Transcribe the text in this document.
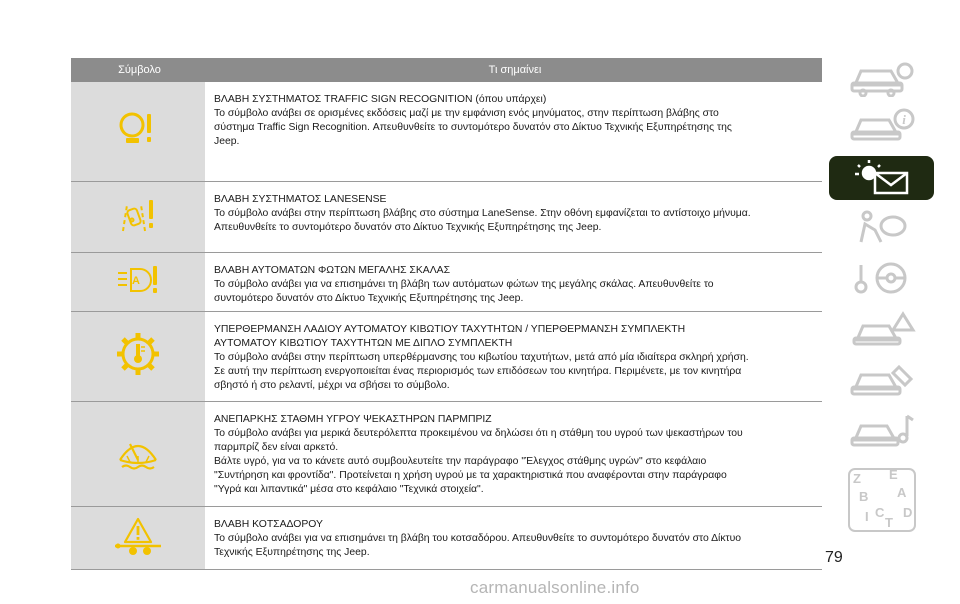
Σύμβολο	Τι σημαίνει
ΒΛΑΒΗ ΣΥΣΤΗΜΑΤΟΣ TRAFFIC SIGN RECOGNITION (όπου υπάρχει)
Το σύμβολο ανάβει σε ορισμένες εκδόσεις μαζί με την εμφάνιση ενός μηνύματος, στην περίπτωση βλάβης στο
σύστημα Traffic Sign Recognition. Απευθυνθείτε το συντομότερο δυνατόν στο Δίκτυο Τεχνικής Εξυπηρέτησης της
Jeep.
ΒΛΑΒΗ ΣΥΣΤΗΜΑΤΟΣ LANESENSE
Το σύμβολο ανάβει στην περίπτωση βλάβης στο σύστημα LaneSense. Στην οθόνη εμφανίζεται το αντίστοιχο μήνυμα.
Απευθυνθείτε το συντομότερο δυνατόν στο Δίκτυο Τεχνικής Εξυπηρέτησης της Jeep.
A
ΒΛΑΒΗ ΑΥΤΟΜΑΤΩΝ ΦΩΤΩΝ ΜΕΓΑΛΗΣ ΣΚΑΛΑΣ
Το σύμβολο ανάβει για να επισημάνει τη βλάβη των αυτόματων φώτων της μεγάλης σκάλας. Απευθυνθείτε το
συντομότερο δυνατόν στο Δίκτυο Τεχνικής Εξυπηρέτησης της Jeep.
ΥΠΕΡΘΕΡΜΑΝΣΗ ΛΑΔΙΟΥ ΑΥΤΟΜΑΤΟΥ ΚΙΒΩΤΙΟΥ ΤΑΧΥΤΗΤΩΝ / ΥΠΕΡΘΕΡΜΑΝΣΗ ΣΥΜΠΛΕΚΤΗ
ΑΥΤΟΜΑΤΟΥ ΚΙΒΩΤΙΟΥ ΤΑΧΥΤΗΤΩΝ ΜΕ ΔΙΠΛΟ ΣΥΜΠΛΕΚΤΗ
Το σύμβολο ανάβει στην περίπτωση υπερθέρμανσης του κιβωτίου ταχυτήτων, μετά από μία ιδιαίτερα σκληρή χρήση.
Σε αυτή την περίπτωση ενεργοποιείται ένας περιορισμός των επιδόσεων του κινητήρα. Περιμένετε, με τον κινητήρα
σβηστό ή στο ρελαντί, μέχρι να σβήσει το σύμβολο.
ΑΝΕΠΑΡΚΗΣ ΣΤΑΘΜΗ ΥΓΡΟΥ ΨΕΚΑΣΤΗΡΩΝ ΠΑΡΜΠΡΙΖ
Το σύμβολο ανάβει για μερικά δευτερόλεπτα προκειμένου να δηλώσει ότι η στάθμη του υγρού των ψεκαστήρων του
παρμπρίζ δεν είναι αρκετό.
Βάλτε υγρό, για να το κάνετε αυτό συμβουλευτείτε την παράγραφο "Έλεγχος στάθμης υγρών" στο κεφάλαιο
"Συντήρηση και φροντίδα". Προτείνεται η χρήση υγρού με τα χαρακτηριστικά που αναφέρονται στην παράγραφο
"Υγρά και λιπαντικά" μέσα στο κεφάλαιο "Τεχνικά στοιχεία".
ΒΛΑΒΗ ΚΟΤΣΑΔΟΡΟΥ
Το σύμβολο ανάβει για να επισημάνει τη βλάβη του κοτσαδόρου. Απευθυνθείτε το συντομότερο δυνατόν στο Δίκτυο
Τεχνικής Εξυπηρέτησης της Jeep.
i
Z E
B A
C D
I T
79
carmanualsonline.info
